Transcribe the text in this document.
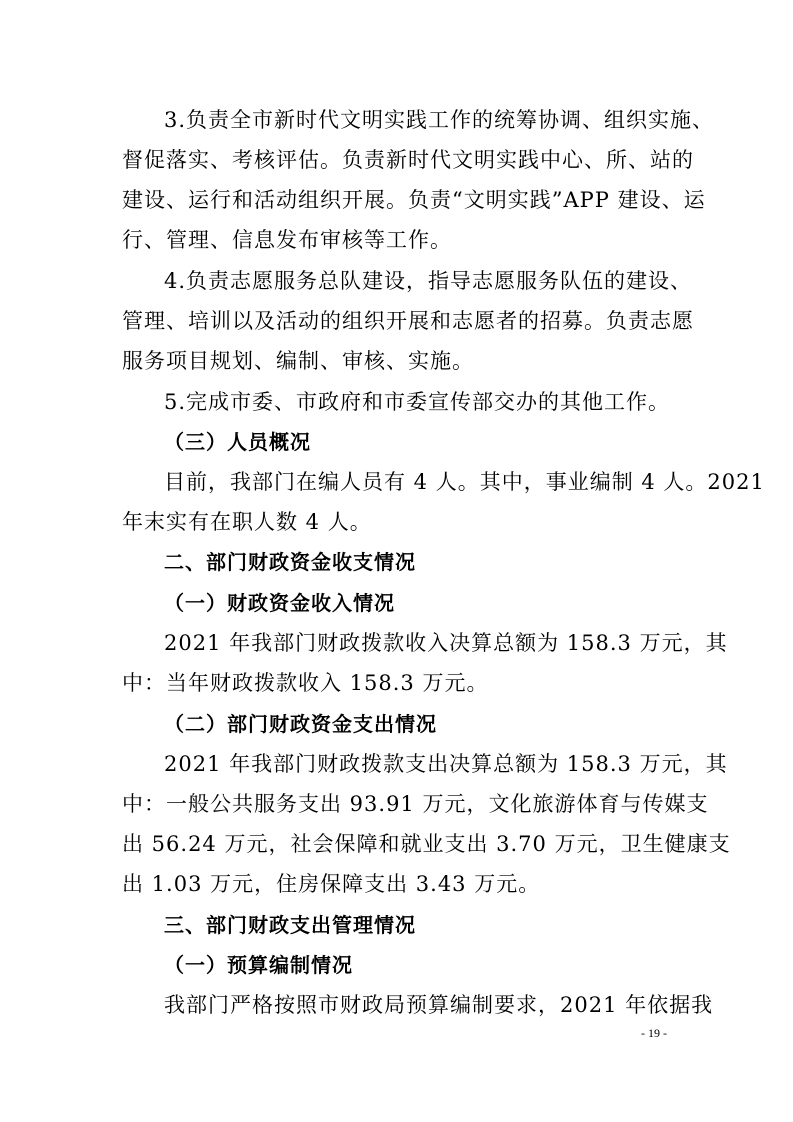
3.负责全市新时代文明实践工作的统筹协调、组织实施、
督促落实、考核评估。负责新时代文明实践中心、所、站的
建设、运行和活动组织开展。负责“文明实践”APP 建设、运
行、管理、信息发布审核等工作。
4.负责志愿服务总队建设，指导志愿服务队伍的建设、
管理、培训以及活动的组织开展和志愿者的招募。负责志愿
服务项目规划、编制、审核、实施。
5.完成市委、市政府和市委宣传部交办的其他工作。
（三）人员概况
目前，我部门在编人员有 4 人。其中，事业编制 4 人。2021
年末实有在职人数 4 人。
二、部门财政资金收支情况
（一）财政资金收入情况
2021 年我部门财政拨款收入决算总额为 158.3 万元，其
中：当年财政拨款收入 158.3 万元。
（二）部门财政资金支出情况
2021 年我部门财政拨款支出决算总额为 158.3 万元，其
中：一般公共服务支出 93.91 万元，文化旅游体育与传媒支
出 56.24 万元，社会保障和就业支出 3.70 万元，卫生健康支
出 1.03 万元，住房保障支出 3.43 万元。
三、部门财政支出管理情况
（一）预算编制情况
我部门严格按照市财政局预算编制要求，2021 年依据我
- 19 -
